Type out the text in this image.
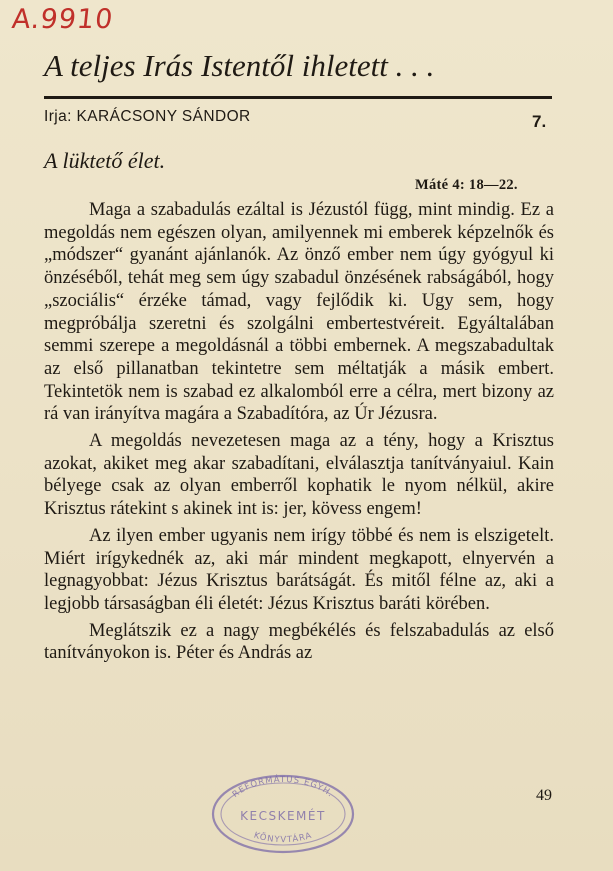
A.9910
A teljes Irás Istentől ihletett . . .
Irja: KARÁCSONY SÁNDOR	7.
A lüktető élet.
Máté 4: 18—22.

Maga a szabadulás ezáltal is Jézustól függ, mint mindig. Ez a megoldás nem egészen olyan, amilyennek mi emberek képzelnők és „módszer“ gyanánt ajánlanók. Az önző ember nem úgy gyógyul ki önzéséből, tehát meg sem úgy szabadul önzésének rabságából, hogy „szociális“ érzéke támad, vagy fejlődik ki. Ugy sem, hogy megpróbálja szeretni és szolgálni embertestvéreit. Egyáltalában semmi szerepe a megoldásnál a többi embernek. A megszabadultak az első pillanatban tekintetre sem méltatják a másik embert. Tekintetök nem is szabad ez alkalomból erre a célra, mert bizony az rá van irányítva magára a Szabadítóra, az Úr Jézusra.

A megoldás nevezetesen maga az a tény, hogy a Krisztus azokat, akiket meg akar szabadítani, elválasztja tanítványaiul. Kain bélyege csak az olyan emberről kophatik le nyom nélkül, akire Krisztus rátekint s akinek int is: jer, kövess engem!

Az ilyen ember ugyanis nem irígy többé és nem is elszigetelt. Miért irígykednék az, aki már mindent megkapott, elnyervén a legnagyobbat: Jézus Krisztus barátságát. És mitől félne az, aki a legjobb társaságban éli életét: Jézus Krisztus baráti körében.

Meglátszik ez a nagy megbékélés és felszabadulás az első tanítványokon is. Péter és András az

49
REFORMÁTUS EGYH.
KECSKEMÉT
KÖNYVTÁRA
